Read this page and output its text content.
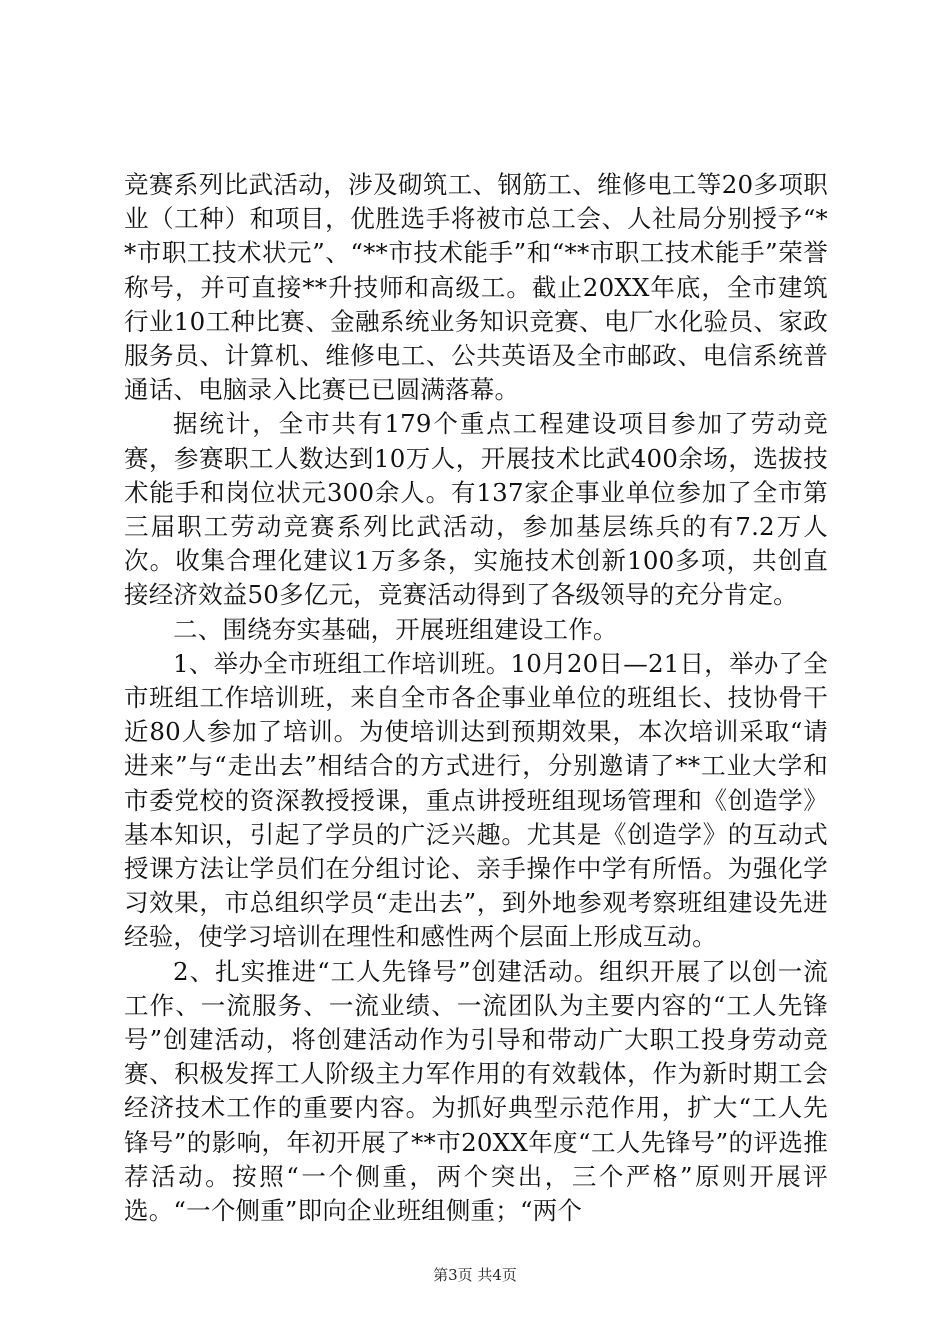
竞赛系列比武活动，涉及砌筑工、钢筋工、维修电工等20多项职业（工种）和项目，优胜选手将被市总工会、人社局分别授予“**市职工技术状元”、“**市技术能手”和“**市职工技术能手”荣誉称号，并可直接**升技师和高级工。截止20XX年底，全市建筑行业10工种比赛、金融系统业务知识竞赛、电厂水化验员、家政服务员、计算机、维修电工、公共英语及全市邮政、电信系统普通话、电脑录入比赛已已圆满落幕。

据统计，全市共有179个重点工程建设项目参加了劳动竞赛，参赛职工人数达到10万人，开展技术比武400余场，选拔技术能手和岗位状元300余人。有137家企事业单位参加了全市第三届职工劳动竞赛系列比武活动，参加基层练兵的有7.2万人次。收集合理化建议1万多条，实施技术创新100多项，共创直接经济效益50多亿元，竞赛活动得到了各级领导的充分肯定。

二、围绕夯实基础，开展班组建设工作。

1、举办全市班组工作培训班。10月20日—21日，举办了全市班组工作培训班，来自全市各企事业单位的班组长、技协骨干近80人参加了培训。为使培训达到预期效果，本次培训采取“请进来”与“走出去”相结合的方式进行，分别邀请了**工业大学和市委党校的资深教授授课，重点讲授班组现场管理和《创造学》基本知识，引起了学员的广泛兴趣。尤其是《创造学》的互动式授课方法让学员们在分组讨论、亲手操作中学有所悟。为强化学习效果，市总组织学员“走出去”，到外地参观考察班组建设先进经验，使学习培训在理性和感性两个层面上形成互动。

2、扎实推进“工人先锋号”创建活动。组织开展了以创一流工作、一流服务、一流业绩、一流团队为主要内容的“工人先锋号”创建活动，将创建活动作为引导和带动广大职工投身劳动竞赛、积极发挥工人阶级主力军作用的有效载体，作为新时期工会经济技术工作的重要内容。为抓好典型示范作用，扩大“工人先锋号”的影响，年初开展了**市20XX年度“工人先锋号”的评选推荐活动。按照“一个侧重，两个突出，三个严格”原则开展评选。“一个侧重”即向企业班组侧重；“两个

第3页 共4页
